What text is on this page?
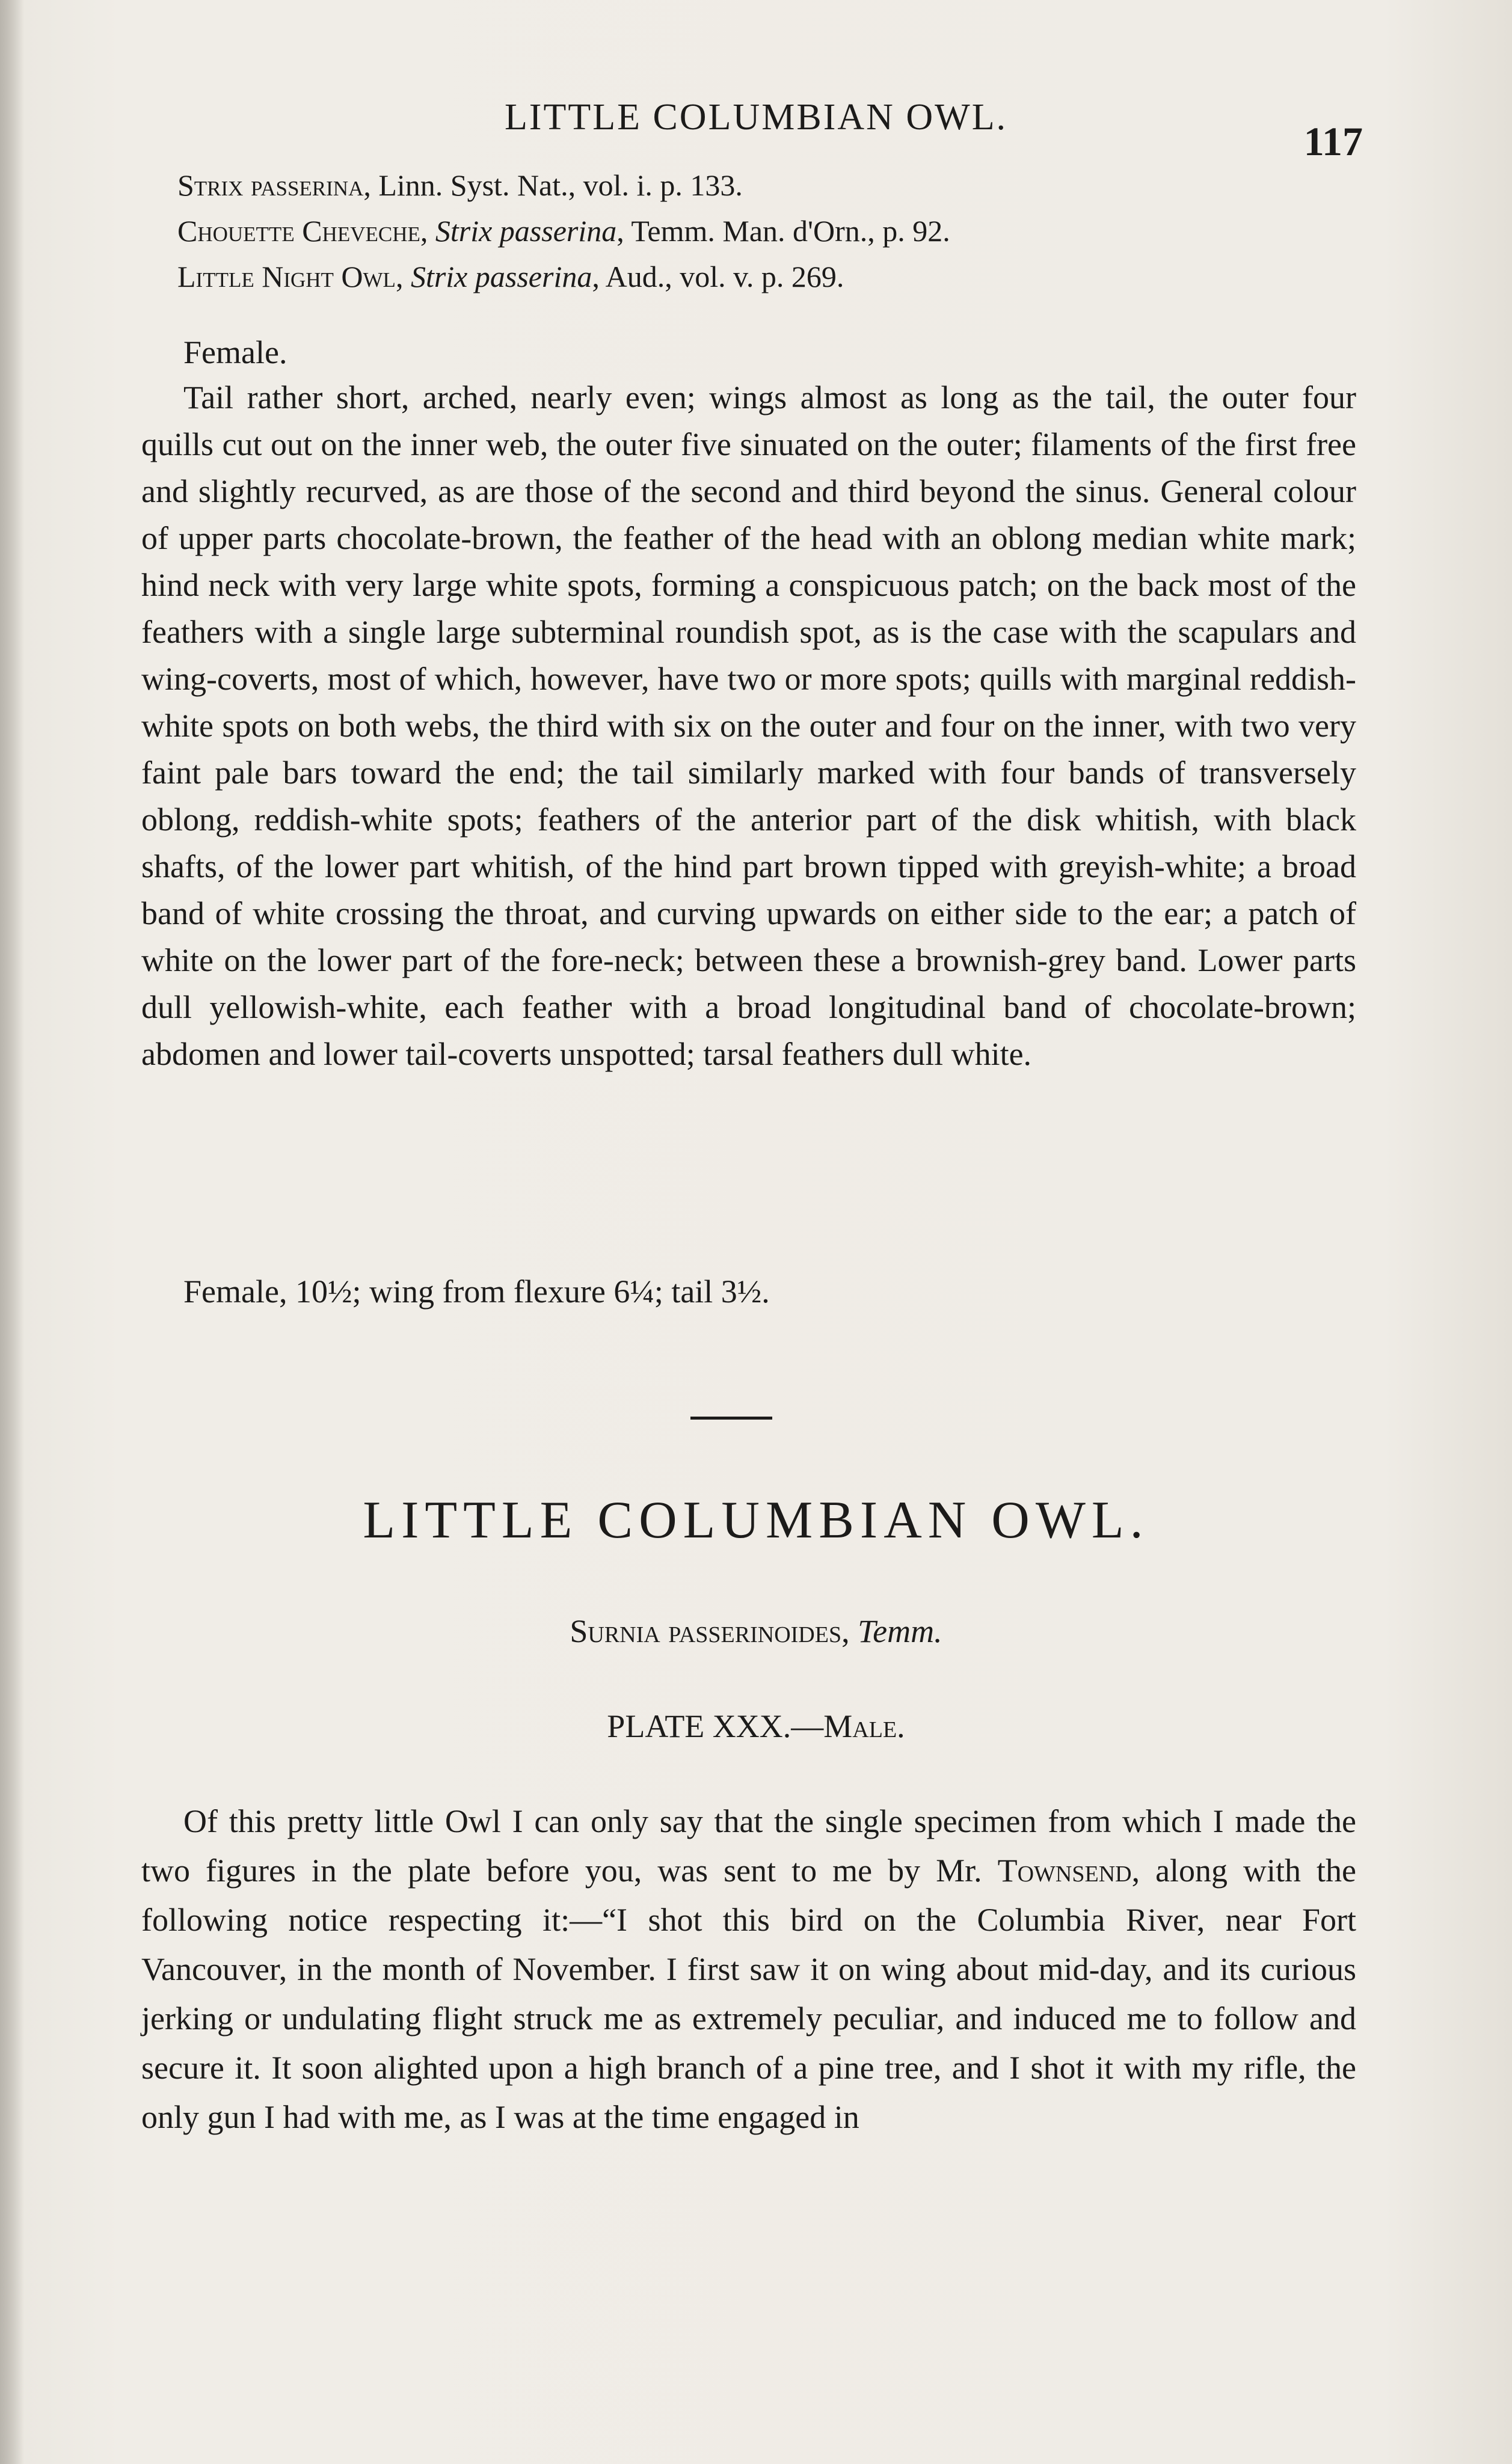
LITTLE COLUMBIAN OWL.
117
Strix passerina, Linn. Syst. Nat., vol. i. p. 133.
Chouette Cheveche, Strix passerina, Temm. Man. d'Orn., p. 92.
Little Night Owl, Strix passerina, Aud., vol. v. p. 269.
Female.
Tail rather short, arched, nearly even; wings almost as long as the tail, the outer four quills cut out on the inner web, the outer five sinuated on the outer; filaments of the first free and slightly recurved, as are those of the second and third beyond the sinus. General colour of upper parts chocolate-brown, the feather of the head with an oblong median white mark; hind neck with very large white spots, forming a conspicuous patch; on the back most of the feathers with a single large subterminal roundish spot, as is the case with the scapulars and wing-coverts, most of which, however, have two or more spots; quills with marginal reddish-white spots on both webs, the third with six on the outer and four on the inner, with two very faint pale bars toward the end; the tail similarly marked with four bands of transversely oblong, reddish-white spots; feathers of the anterior part of the disk whitish, with black shafts, of the lower part whitish, of the hind part brown tipped with greyish-white; a broad band of white crossing the throat, and curving upwards on either side to the ear; a patch of white on the lower part of the fore-neck; between these a brownish-grey band. Lower parts dull yellowish-white, each feather with a broad longitudinal band of chocolate-brown; abdomen and lower tail-coverts unspotted; tarsal feathers dull white.
Female, 10½; wing from flexure 6¼; tail 3½.
LITTLE COLUMBIAN OWL.
Surnia passerinoides, Temm.
PLATE XXX.—Male.
Of this pretty little Owl I can only say that the single specimen from which I made the two figures in the plate before you, was sent to me by Mr. Townsend, along with the following notice respecting it:—“I shot this bird on the Columbia River, near Fort Vancouver, in the month of November. I first saw it on wing about mid-day, and its curious jerking or undulating flight struck me as extremely peculiar, and induced me to follow and secure it. It soon alighted upon a high branch of a pine tree, and I shot it with my rifle, the only gun I had with me, as I was at the time engaged in
